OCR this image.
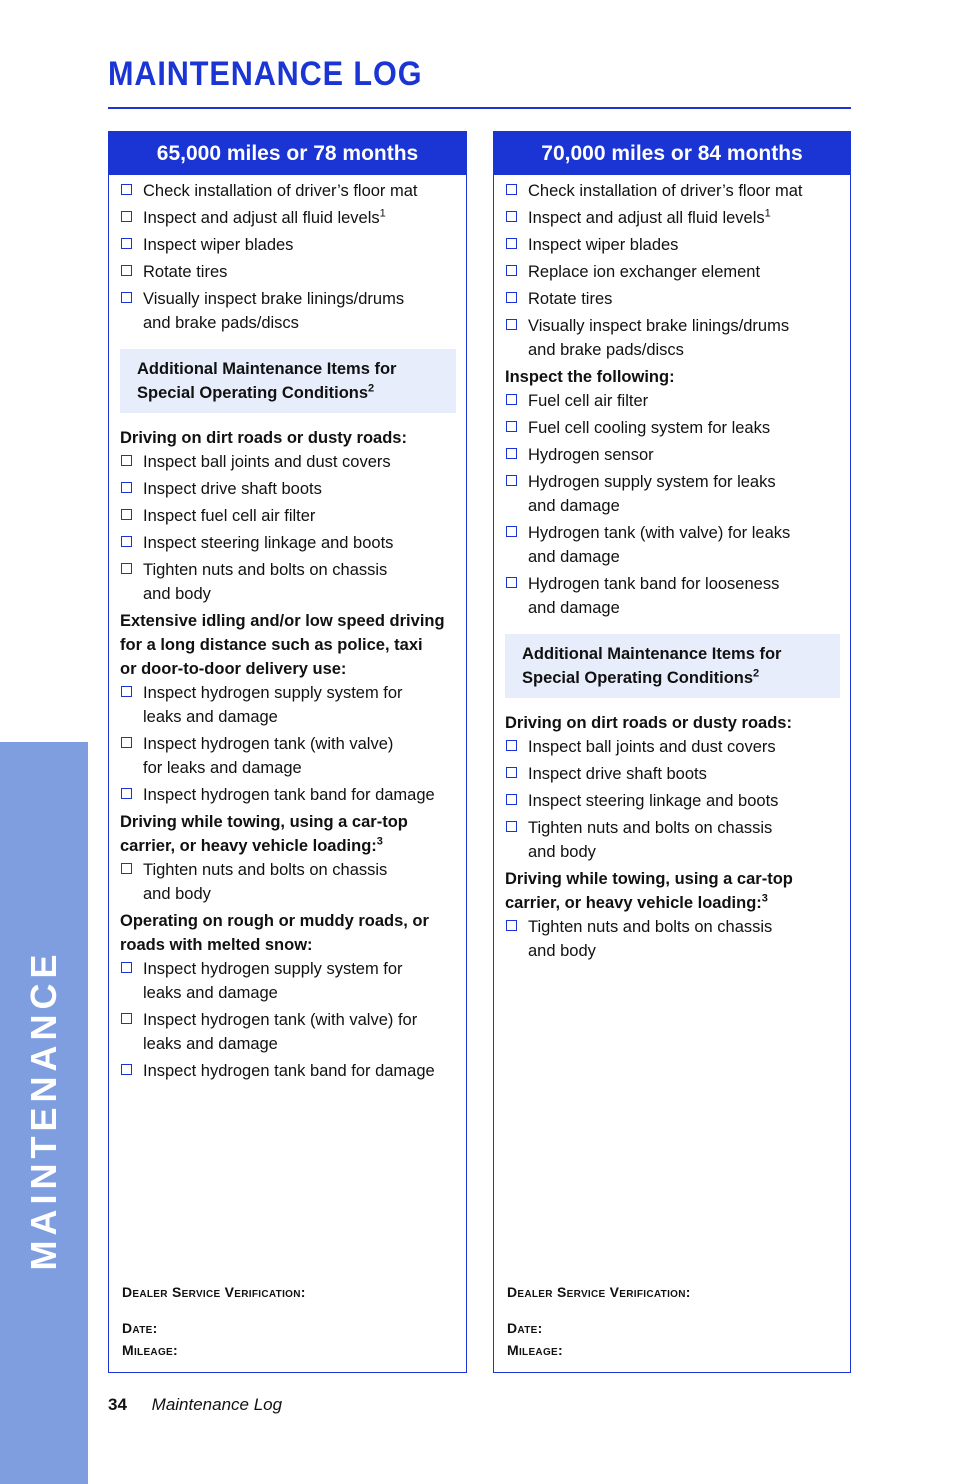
MAINTENANCE
MAINTENANCE LOG
65,000 miles or 78 months
Check installation of driver’s floor mat
Inspect and adjust all fluid levels$^1$
Inspect wiper blades
Rotate tires
Visually inspect brake linings/drums
and brake pads/discs
Additional Maintenance Items for Special Operating Conditions$^2$
Driving on dirt roads or dusty roads:
Inspect ball joints and dust covers
Inspect drive shaft boots
Inspect fuel cell air filter
Inspect steering linkage and boots
Tighten nuts and bolts on chassis
and body
Extensive idling and/or low speed driving
for a long distance such as police, taxi
or door-to-door delivery use:
Inspect hydrogen supply system for
leaks and damage
Inspect hydrogen tank (with valve)
for leaks and damage
Inspect hydrogen tank band for damage
Driving while towing, using a car-top
carrier, or heavy vehicle loading:$^3$
Tighten nuts and bolts on chassis
and body
Operating on rough or muddy roads, or
roads with melted snow:
Inspect hydrogen supply system for
leaks and damage
Inspect hydrogen tank (with valve) for
leaks and damage
Inspect hydrogen tank band for damage
Dealer Service Verification:
Date:
Mileage:
70,000 miles or 84 months
Check installation of driver’s floor mat
Inspect and adjust all fluid levels$^1$
Inspect wiper blades
Replace ion exchanger element
Rotate tires
Visually inspect brake linings/drums
and brake pads/discs
Inspect the following:
Fuel cell air filter
Fuel cell cooling system for leaks
Hydrogen sensor
Hydrogen supply system for leaks
and damage
Hydrogen tank (with valve) for leaks
and damage
Hydrogen tank band for looseness
and damage
Additional Maintenance Items for Special Operating Conditions$^2$
Driving on dirt roads or dusty roads:
Inspect ball joints and dust covers
Inspect drive shaft boots
Inspect steering linkage and boots
Tighten nuts and bolts on chassis
and body
Driving while towing, using a car-top
carrier, or heavy vehicle loading:$^3$
Tighten nuts and bolts on chassis
and body
Dealer Service Verification:
Date:
Mileage:
34 Maintenance Log
